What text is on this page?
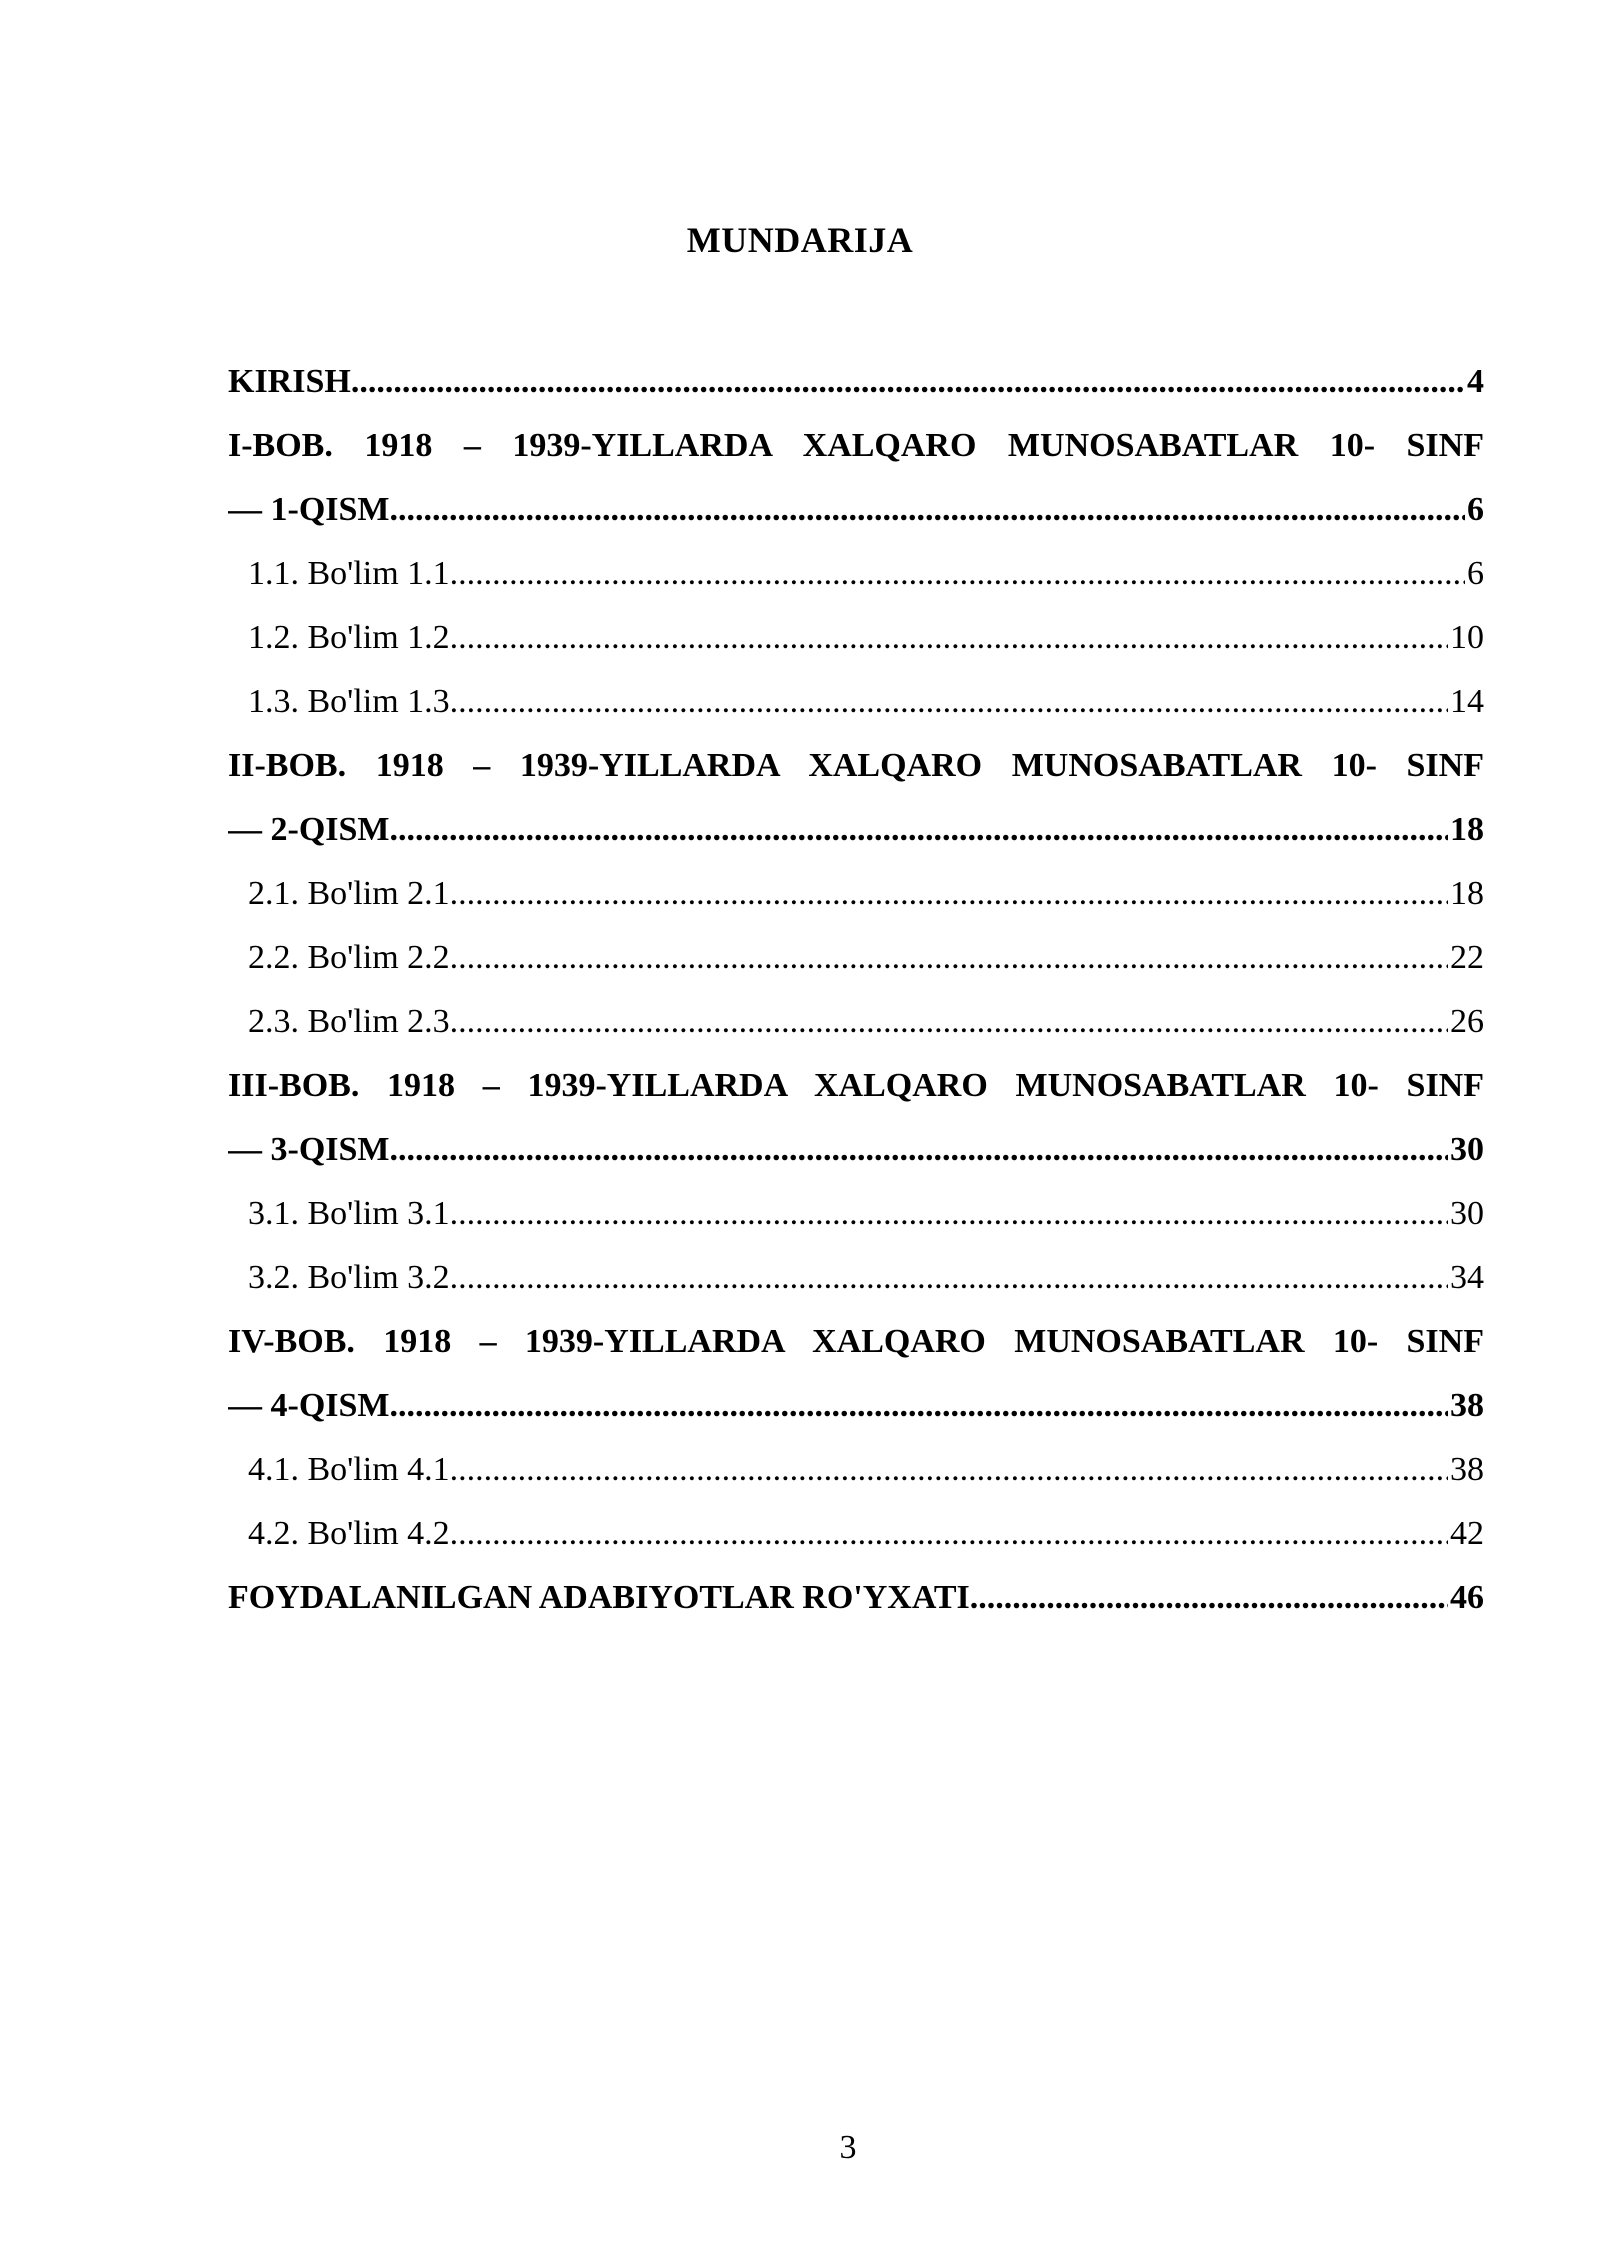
MUNDARIJA
KIRISH .....	4
I-BOB. 1918 – 1939-YILLARDA XALQARO MUNOSABATLAR 10- SINF
— 1-QISM .....	6
1.1. Bo'lim 1.1 .....	6
1.2. Bo'lim 1.2 .....	10
1.3. Bo'lim 1.3 .....	14
II-BOB. 1918 – 1939-YILLARDA XALQARO MUNOSABATLAR 10- SINF
— 2-QISM .....	18
2.1. Bo'lim 2.1 .....	18
2.2. Bo'lim 2.2 .....	22
2.3. Bo'lim 2.3 .....	26
III-BOB. 1918 – 1939-YILLARDA XALQARO MUNOSABATLAR 10- SINF
— 3-QISM .....	30
3.1. Bo'lim 3.1 .....	30
3.2. Bo'lim 3.2 .....	34
IV-BOB. 1918 – 1939-YILLARDA XALQARO MUNOSABATLAR 10- SINF
— 4-QISM .....	38
4.1. Bo'lim 4.1 .....	38
4.2. Bo'lim 4.2 .....	42
FOYDALANILGAN ADABIYOTLAR RO'YXATI .....	46
3
